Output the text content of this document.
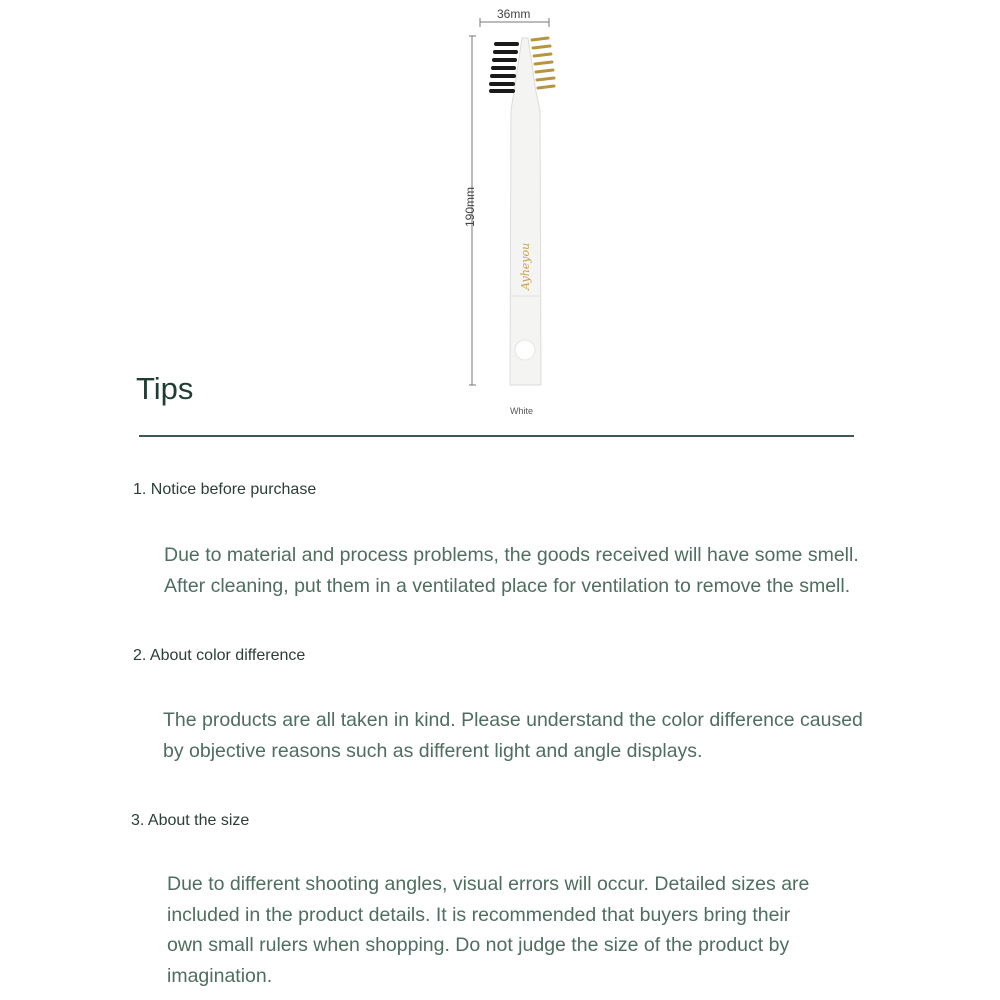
Ayheyou
36mm
190mm
White
Tips
1. Notice before purchase
Due to material and process problems, the goods received will have some smell. After cleaning, put them in a ventilated place for ventilation to remove the smell.
2. About color difference
The products are all taken in kind. Please understand the color difference caused by objective reasons such as different light and angle displays.
3. About the size
Due to different shooting angles, visual errors will occur. Detailed sizes are included in the product details. It is recommended that buyers bring their own small rulers when shopping. Do not judge the size of the product by imagination.
